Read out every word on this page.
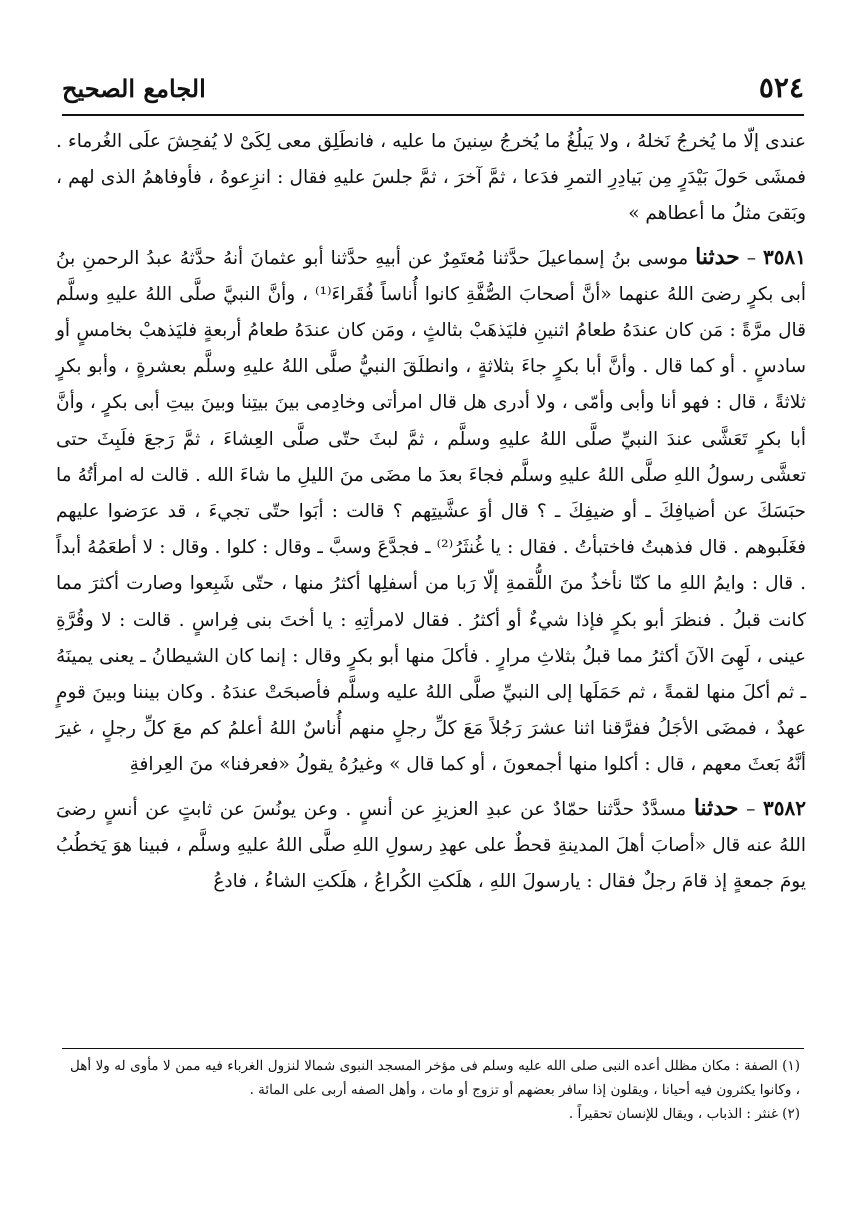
٥٢٤
الجامع الصحيح

عندى إلّا ما يُخرجُ نَخلهُ ، ولا يَبلُغُ ما يُخرجُ سِنينَ ما عليه ، فانطَلِق معى لِكَىْ لا يُفحِشَ علَى الغُرماء . فمشَى حَولَ بَيْدَرٍ مِن بَيادِرِ التمرِ فدَعا ، ثمَّ آخرَ ، ثمَّ جلسَ عليهِ فقال : انزِعوهُ ، فأوفاهمُ الذى لهم ، وبَقىَ مثلُ ما أعطاهم »

٣٥٨١ – حدثنا موسى بنُ إسماعيلَ حدَّثنا مُعتَمِرٌ عن أبيهِ حدَّثنا أبو عثمانَ أنهُ حدَّثهُ عبدُ الرحمنِ بنُ أبى بكرٍ رضىَ اللهُ عنهما «أنَّ أصحابَ الصُّفَّةِ كانوا أُناساً فُقَراءَ⁽¹⁾ ، وأنَّ النبيَّ صلَّى اللهُ عليهِ وسلَّم قال مرَّةً : مَن كان عندَهُ طعامُ اثنينِ فليَذهَبْ بثالثٍ ، ومَن كان عندَهُ طعامُ أربعةٍ فليَذهبْ بخامسٍ أو سادسٍ . أو كما قال . وأنَّ أبا بكرٍ جاءَ بثلاثةٍ ، وانطلَقَ النبيُّ صلَّى اللهُ عليهِ وسلَّم بعشرةٍ ، وأبو بكرٍ ثلاثةً ، قال : فهو أنا وأبى وأمّى ، ولا أدرى هل قال امرأتى وخادِمى بينَ بيتِنا وبينَ بيتِ أبى بكرٍ ، وأنَّ أبا بكرٍ تَعَشَّى عندَ النبيِّ صلَّى اللهُ عليهِ وسلَّم ، ثمَّ لبثَ حتّى صلَّى العِشاءَ ، ثمَّ رَجعَ فلَبِثَ حتى تعشَّى رسولُ اللهِ صلَّى اللهُ عليهِ وسلَّم فجاءَ بعدَ ما مضَى منَ الليلِ ما شاءَ الله . قالت له امرأتُهُ ما حبَسَكَ عن أضيافِكَ ـ أو ضيفِكَ ـ ؟ قال أوَ عشَّيتِهم ؟ قالت : أبَوا حتّى تجيءَ ، قد عرَضوا عليهم فغَلَبوهم . قال فذهبتُ فاختبأتُ . فقال : يا غُنثَرُ⁽²⁾ ـ فجدَّعَ وسبَّ ـ وقال : كلوا . وقال : لا أطعَمُهُ أبداً . قال : وايمُ اللهِ ما كنّا نأخذُ منَ اللُّقمةِ إلّا رَبا من أسفلِها أكثرُ منها ، حتّى شَبِعوا وصارت أكثرَ مما كانت قبلُ . فنظرَ أبو بكرٍ فإذا شيءٌ أو أكثرُ . فقال لامرأتِهِ : يا أختَ بنى فِراسٍ . قالت : لا وقُرَّةِ عينى ، لَهِىَ الآنَ أكثرُ مما قبلُ بثلاثِ مرارٍ . فأكلَ منها أبو بكرٍ وقال : إنما كان الشيطانُ ـ يعنى يمينَهُ ـ ثم أكلَ منها لقمةً ، ثم حَمَلَها إلى النبيِّ صلَّى اللهُ عليه وسلَّم فأصبحَتْ عندَهُ . وكان بيننا وبينَ قومٍ عهدٌ ، فمضَى الأجَلُ ففرَّقنا اثنا عشرَ رَجُلاً مَعَ كلِّ رجلٍ منهم أُناسٌ اللهُ أعلمُ كم معَ كلِّ رجلٍ ، غيرَ أنَّهُ بَعثَ معهم ، قال : أكلوا منها أجمعونَ ، أو كما قال » وغيرُهُ يقولُ «فعرفنا» منَ العِرافةِ

٣٥٨٢ – حدثنا مسدَّدٌ حدَّثنا حمّادٌ عن عبدِ العزيزِ عن أنسٍ . وعن يونُسَ عن ثابتٍ عن أنسٍ رضىَ اللهُ عنه قال «أصابَ أهلَ المدينةِ قحطٌ على عهدِ رسولِ اللهِ صلَّى اللهُ عليهِ وسلَّم ، فبينا هوَ يَخطُبُ يومَ جمعةٍ إذ قامَ رجلٌ فقال : يارسولَ اللهِ ، هلَكتِ الكُراعُ ، هلَكتِ الشاءُ ، فادعُ

(١) الصفة : مكان مظلل أعده النبى صلى الله عليه وسلم فى مؤخر المسجد النبوى شمالا لنزول الغرباء فيه ممن لا مأوى له ولا أهل ، وكانوا يكثرون فيه أحيانا ، ويقلون إذا سافر بعضهم أو تزوج أو مات ، وأهل الصفه أربى على المائة .

(٢) غنثر : الذباب ، ويقال للإنسان تحقيراً .
